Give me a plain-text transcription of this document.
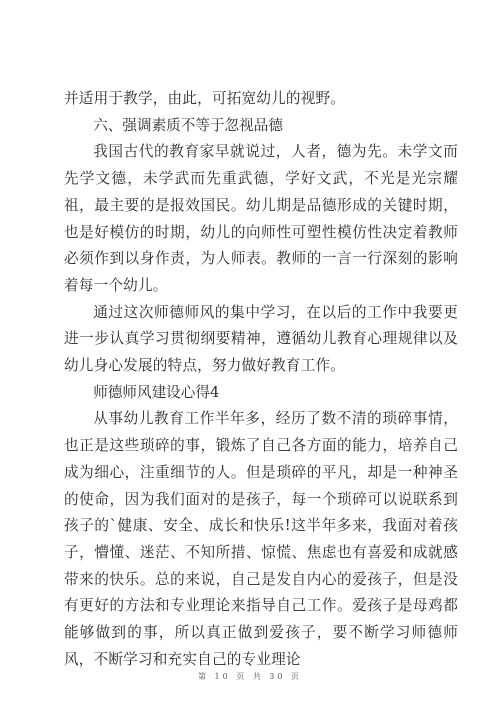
并适用于教学，由此，可拓宽幼儿的视野。

六、强调素质不等于忽视品德

我国古代的教育家早就说过，人者，德为先。未学文而先学文德，未学武而先重武德，学好文武，不光是光宗耀祖，最主要的是报效国民。幼儿期是品德形成的关键时期，也是好模仿的时期，幼儿的向师性可塑性模仿性决定着教师必须作到以身作责，为人师表。教师的一言一行深刻的影响着每一个幼儿。

通过这次师德师风的集中学习，在以后的工作中我要更进一步认真学习贯彻纲要精神，遵循幼儿教育心理规律以及幼儿身心发展的特点，努力做好教育工作。

师德师风建设心得4

从事幼儿教育工作半年多，经历了数不清的琐碎事情，也正是这些琐碎的事，锻炼了自己各方面的能力，培养自己成为细心，注重细节的人。但是琐碎的平凡，却是一种神圣的使命，因为我们面对的是孩子，每一个琐碎可以说联系到孩子的`健康、安全、成长和快乐!这半年多来，我面对着孩子，懵懂、迷茫、不知所措、惊慌、焦虑也有喜爱和成就感带来的快乐。总的来说，自己是发自内心的爱孩子，但是没有更好的方法和专业理论来指导自己工作。爱孩子是母鸡都能够做到的事，所以真正做到爱孩子，要不断学习师德师风，不断学习和充实自己的专业理论

第 10 页 共 30 页
